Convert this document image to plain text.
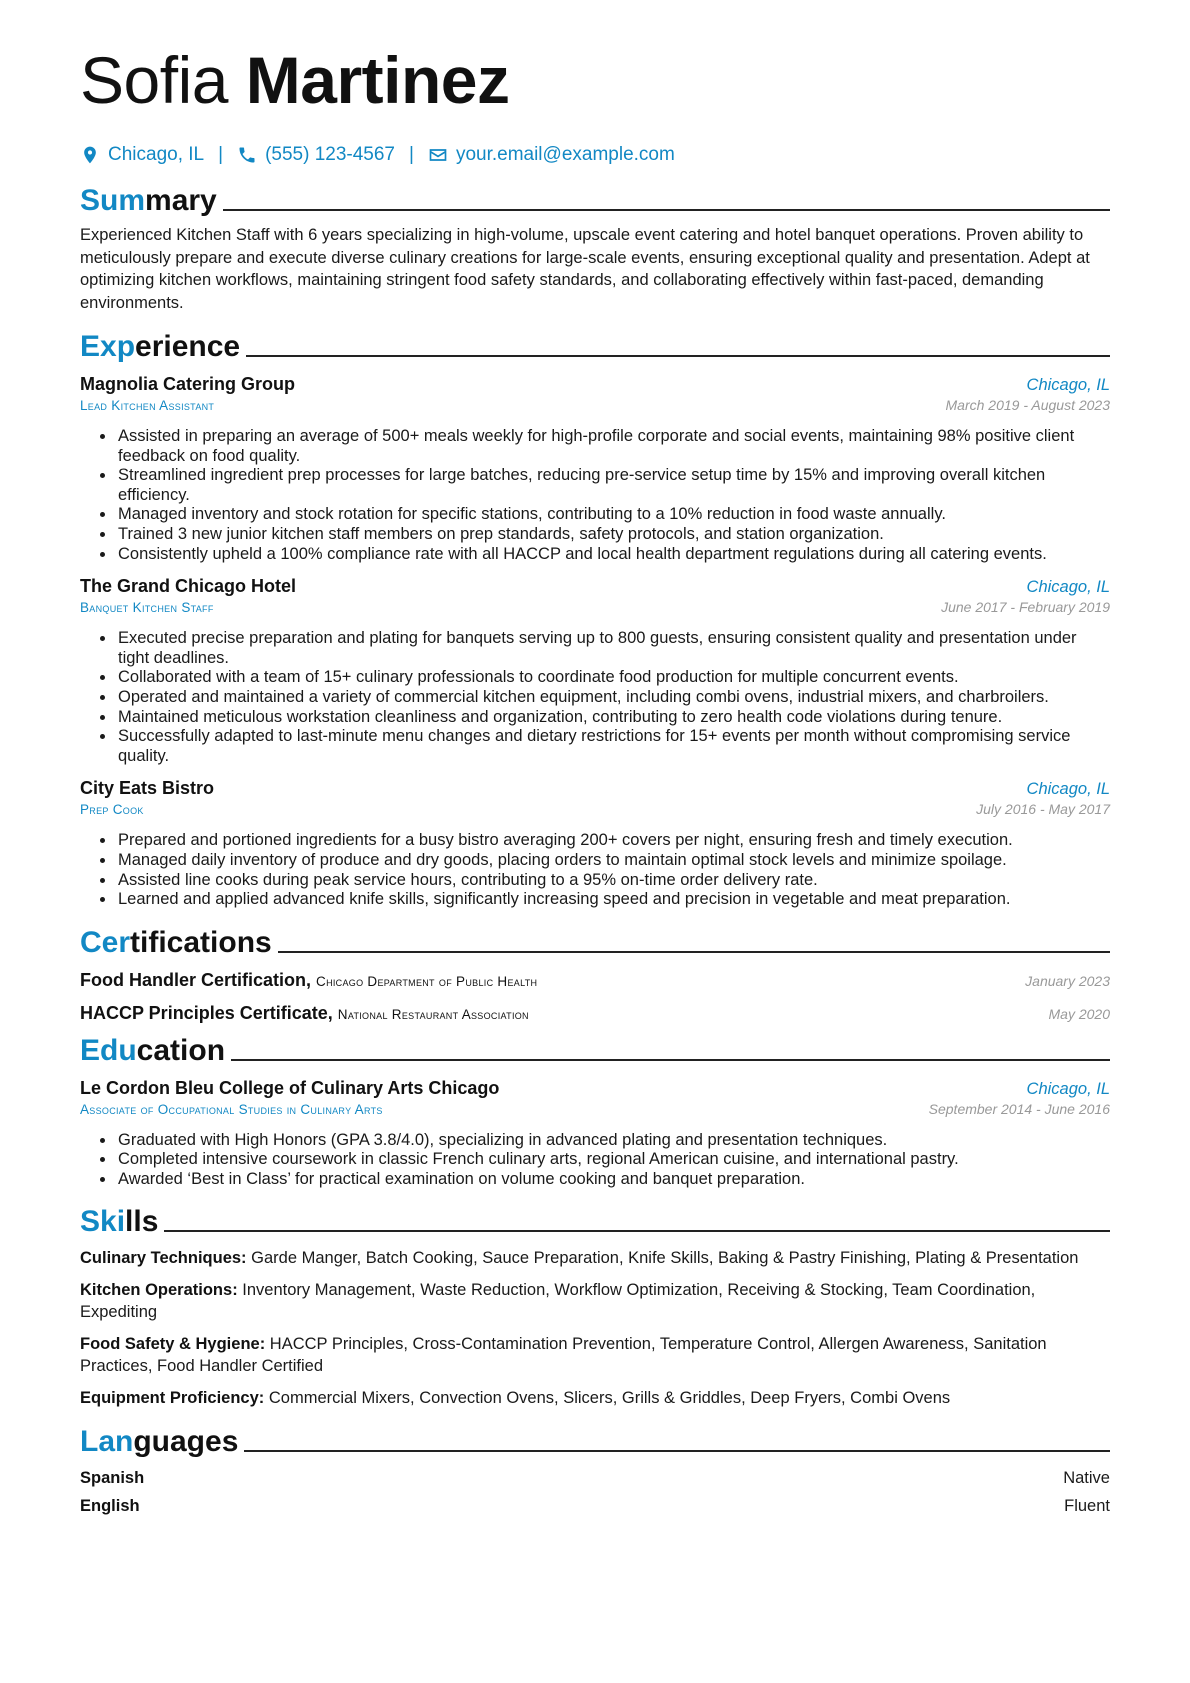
Sofia Martinez
Chicago, IL | (555) 123-4567 | your.email@example.com
Summary

Experienced Kitchen Staff with 6 years specializing in high-volume, upscale event catering and hotel banquet operations. Proven ability to meticulously prepare and execute diverse culinary creations for large-scale events, ensuring exceptional quality and presentation. Adept at optimizing kitchen workflows, maintaining stringent food safety standards, and collaborating effectively within fast-paced, demanding environments.

Experience
Magnolia Catering Group	Chicago, IL
Lead Kitchen Assistant	March 2019 - August 2023
• Assisted in preparing an average of 500+ meals weekly for high-profile corporate and social events, maintaining 98% positive client feedback on food quality.
• Streamlined ingredient prep processes for large batches, reducing pre-service setup time by 15% and improving overall kitchen efficiency.
• Managed inventory and stock rotation for specific stations, contributing to a 10% reduction in food waste annually.
• Trained 3 new junior kitchen staff members on prep standards, safety protocols, and station organization.
• Consistently upheld a 100% compliance rate with all HACCP and local health department regulations during all catering events.
The Grand Chicago Hotel	Chicago, IL
Banquet Kitchen Staff	June 2017 - February 2019
• Executed precise preparation and plating for banquets serving up to 800 guests, ensuring consistent quality and presentation under tight deadlines.
• Collaborated with a team of 15+ culinary professionals to coordinate food production for multiple concurrent events.
• Operated and maintained a variety of commercial kitchen equipment, including combi ovens, industrial mixers, and charbroilers.
• Maintained meticulous workstation cleanliness and organization, contributing to zero health code violations during tenure.
• Successfully adapted to last-minute menu changes and dietary restrictions for 15+ events per month without compromising service quality.
City Eats Bistro	Chicago, IL
Prep Cook	July 2016 - May 2017
• Prepared and portioned ingredients for a busy bistro averaging 200+ covers per night, ensuring fresh and timely execution.
• Managed daily inventory of produce and dry goods, placing orders to maintain optimal stock levels and minimize spoilage.
• Assisted line cooks during peak service hours, contributing to a 95% on-time order delivery rate.
• Learned and applied advanced knife skills, significantly increasing speed and precision in vegetable and meat preparation.
Certifications
Food Handler Certification, Chicago Department of Public Health	January 2023
HACCP Principles Certificate, National Restaurant Association	May 2020
Education
Le Cordon Bleu College of Culinary Arts Chicago	Chicago, IL
Associate of Occupational Studies in Culinary Arts	September 2014 - June 2016
• Graduated with High Honors (GPA 3.8/4.0), specializing in advanced plating and presentation techniques.
• Completed intensive coursework in classic French culinary arts, regional American cuisine, and international pastry.
• Awarded ‘Best in Class’ for practical examination on volume cooking and banquet preparation.
Skills
Culinary Techniques: Garde Manger, Batch Cooking, Sauce Preparation, Knife Skills, Baking & Pastry Finishing, Plating & Presentation
Kitchen Operations: Inventory Management, Waste Reduction, Workflow Optimization, Receiving & Stocking, Team Coordination, Expediting
Food Safety & Hygiene: HACCP Principles, Cross-Contamination Prevention, Temperature Control, Allergen Awareness, Sanitation Practices, Food Handler Certified
Equipment Proficiency: Commercial Mixers, Convection Ovens, Slicers, Grills & Griddles, Deep Fryers, Combi Ovens
Languages
Spanish	Native
English	Fluent
